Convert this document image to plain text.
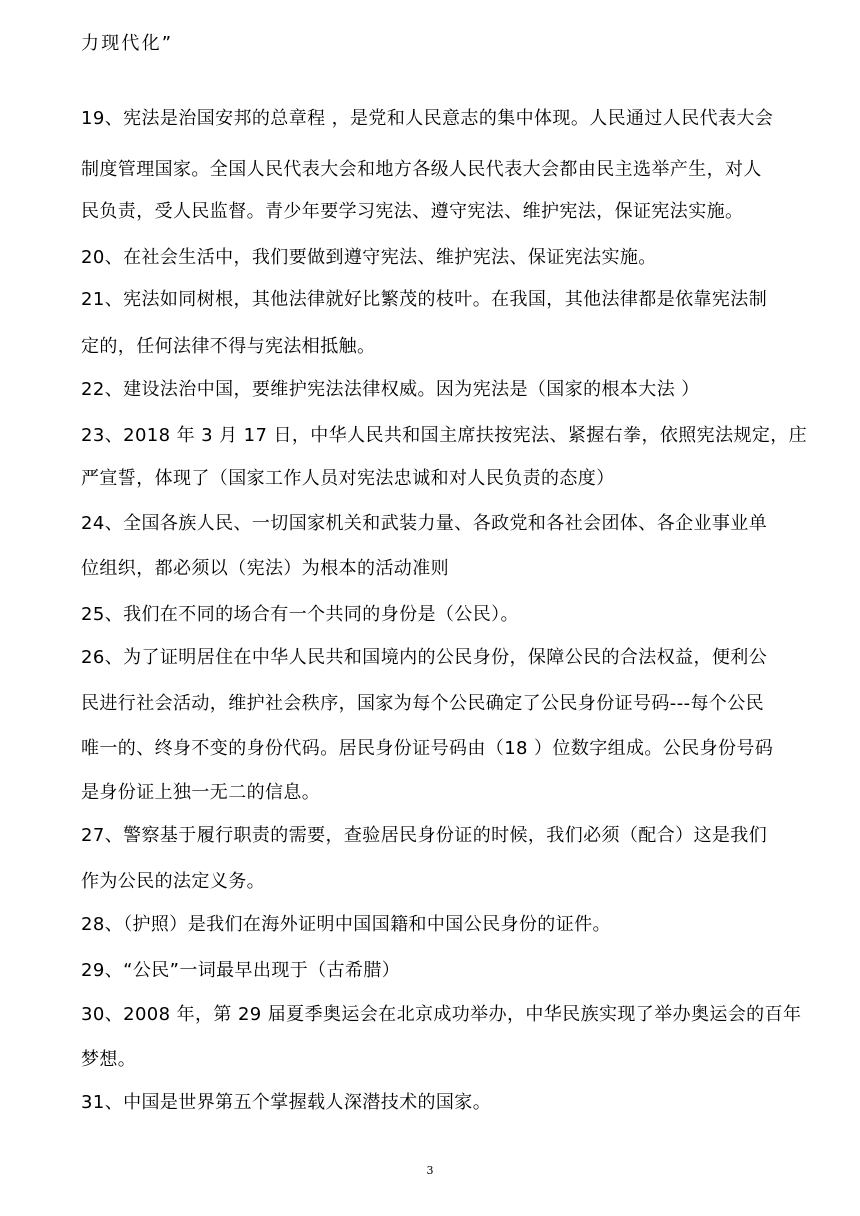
力现代化”
19、宪法是治国安邦的总章程 ，是党和人民意志的集中体现。人民通过人民代表大会
制度管理国家。全国人民代表大会和地方各级人民代表大会都由民主选举产生，对人
民负责，受人民监督。青少年要学习宪法、遵守宪法、维护宪法，保证宪法实施。
20、在社会生活中，我们要做到遵守宪法、维护宪法、保证宪法实施。
21、宪法如同树根，其他法律就好比繁茂的枝叶。在我国，其他法律都是依靠宪法制
定的，任何法律不得与宪法相抵触。
22、建设法治中国，要维护宪法法律权威。因为宪法是（国家的根本大法 ）
23、2018 年 3 月 17 日，中华人民共和国主席扶按宪法、紧握右拳，依照宪法规定，庄
严宣誓，体现了（国家工作人员对宪法忠诚和对人民负责的态度）
24、全国各族人民、一切国家机关和武装力量、各政党和各社会团体、各企业事业单
位组织，都必须以（宪法）为根本的活动准则
25、我们在不同的场合有一个共同的身份是（公民）。
26、为了证明居住在中华人民共和国境内的公民身份，保障公民的合法权益，便利公
民进行社会活动，维护社会秩序，国家为每个公民确定了公民身份证号码---每个公民
唯一的、终身不变的身份代码。居民身份证号码由（18 ）位数字组成。公民身份号码
是身份证上独一无二的信息。
27、警察基于履行职责的需要，查验居民身份证的时候，我们必须（配合）这是我们
作为公民的法定义务。
28、（护照）是我们在海外证明中国国籍和中国公民身份的证件。
29、“公民”一词最早出现于（古希腊）
30、2008 年，第 29 届夏季奥运会在北京成功举办，中华民族实现了举办奥运会的百年
梦想。
31、中国是世界第五个掌握载人深潜技术的国家。
3
